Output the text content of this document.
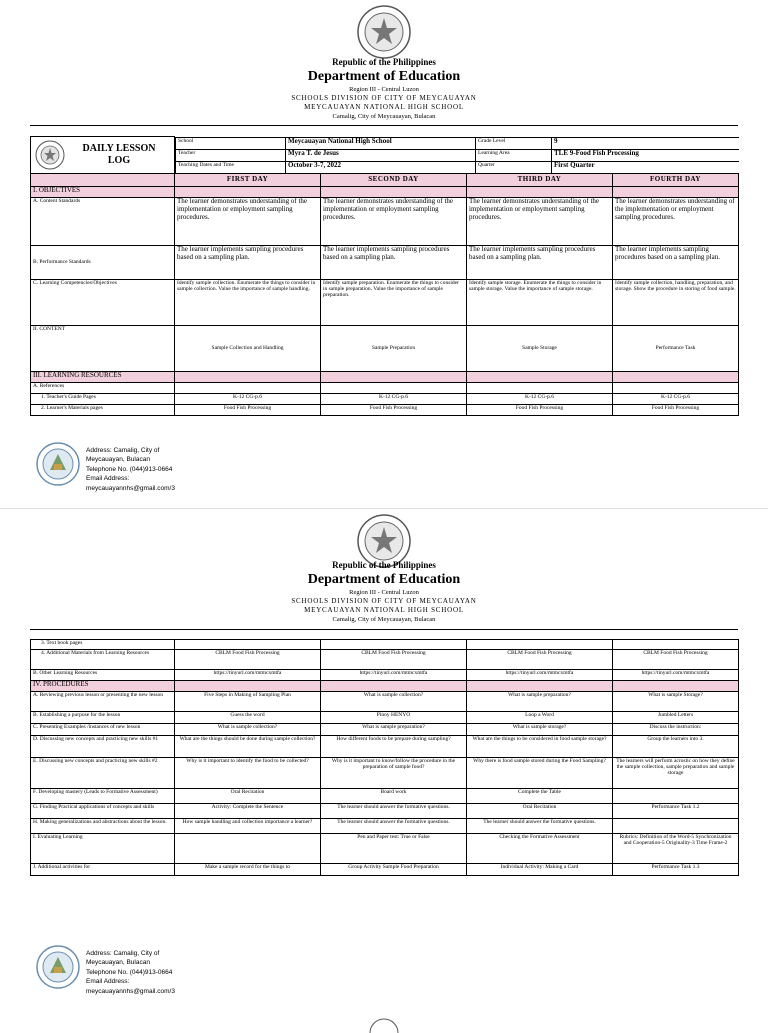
Republic of the Philippines
Department of Education
Region III - Central Luzon
SCHOOLS DIVISION OF CITY OF MEYCAUAYAN
MEYCAUAYAN NATIONAL HIGH SCHOOL
Camalig, City of Meycauayan, Bulacan
DAILY LESSON LOG

School	Meycauayan National High School	Grade Level	9
Teacher	Myra T. de Jesus	Learning Area	TLE 9-Food Fish Processing
Teaching Dates and Time	October 3-7, 2022	Quarter	First Quarter

	FIRST DAY	SECOND DAY	THIRD DAY	FOURTH DAY
I. OBJECTIVES				
A. Content Standards	The learner demonstrates understanding of the implementation or employment sampling procedures.	The learner demonstrates understanding of the implementation or employment sampling procedures.	The learner demonstrates understanding of the implementation or employment sampling procedures.	The learner demonstrates understanding of the implementation or employment sampling procedures.
B. Performance Standards	The learner implements sampling procedures based on a sampling plan.	The learner implements sampling procedures based on a sampling plan.	The learner implements sampling procedures based on a sampling plan.	The learner implements sampling procedures based on a sampling plan.
C. Learning Competencies/Objectives	Identify sample collection. Enumerate the things to consider in sample collection. Value the importance of sample handling.	Identify sample preparation. Enumerate the things to consider in sample preparation. Value the importance of sample preparation.	Identify sample storage. Enumerate the things to consider in sample storage. Value the importance of sample storage.	Identify sample collection, handling, preparation, and storage. Show the procedure in storing of food sample.
II. CONTENT	Sample Collection and Handling	Sample Preparation	Sample Storage	Performance Task
III. LEARNING RESOURCES				
A. References				
1. Teacher's Guide Pages	K-12 CG-p.6	K-12 CG-p.6	K-12 CG-p.6	K-12 CG-p.6
2. Learner's Materials pages	Food Fish Processing	Food Fish Processing	Food Fish Processing	Food Fish Processing
Address: Camalig, City of
Meycauayan, Bulacan
Telephone No. (044)913-0664
Email Address:
meycauayannhs@gmail.com/3
Republic of the Philippines
Department of Education
Region III - Central Luzon
SCHOOLS DIVISION OF CITY OF MEYCAUAYAN
MEYCAUAYAN NATIONAL HIGH SCHOOL
Camalig, City of Meycauayan, Bulacan
3. Text book pages				
4. Additional Materials from Learning Resources	CBLM Food Fish Processing	CBLM Food Fish Processing	CBLM Food Fish Processing	CBLM Food Fish Processing
B. Other Learning Resources	https://tinyurl.com/mtmcxmtfa	https://tinyurl.com/mtmcxmtfa	https://tinyurl.com/mtmcxmtfa	https://tinyurl.com/mtmcxmtfa
IV. PROCEDURES				
A. Reviewing previous lesson or presenting the new lesson	Five Steps in Making of Sampling Plan	What is sample collection?	What is sample preparation?	What is sample Storage?
B. Establishing a purpose for the lesson	Guess the word	Pinoy HENYO	Loop a Word	Jumbled Letters
C. Presenting Examples /instances of new lesson	What is sample collection?	What is sample preparation?	What is sample storage?	Discuss the instruction:
D. Discussing new concepts and practicing new skills #1	What are the things should be done during sample collection?	How different foods to be prepare during sampling?	What are the things to be considered in food sample storage?	Group the learners into 3.
E. Discussing new concepts and practicing new skills #2	Why is it important to identify the food to be collected?	Why is it important to know/follow the procedure in the preparation of sample food?	Why there is food sample stored during the Food Sampling?	The learners will perform acrostic on how they define the sample collection, sample preparation and sample storage
F. Developing mastery (Leads to Formative Assessment)	Oral Recitation	Board work	Complete the Table	
G. Finding Practical applications of concepts and skills	Activity: Complete the Sentence	The learner should answer the formative questions.	Oral Recitation	Performance Task 1.2
H. Making generalizations and abstractions about the lesson.	How sample handling and collection importance a learner?	The learner should answer the formative questions.	The learner should answer the formative questions.	
I. Evaluating Learning		Pen and Paper test: True or False	Checking the Formative Assessment	Rubrics: Definition of the Word-5 Synchronization and Cooperation-5 Originality-3 Time Frame-2
J. Additional activities for	Make a sample record for the things to	Group Activity Sample Food Preparation	Individual Activity: Making a Card	Performance Task 1.3
Address: Camalig, City of
Meycauayan, Bulacan
Telephone No. (044)913-0664
Email Address:
meycauayannhs@gmail.com/3
